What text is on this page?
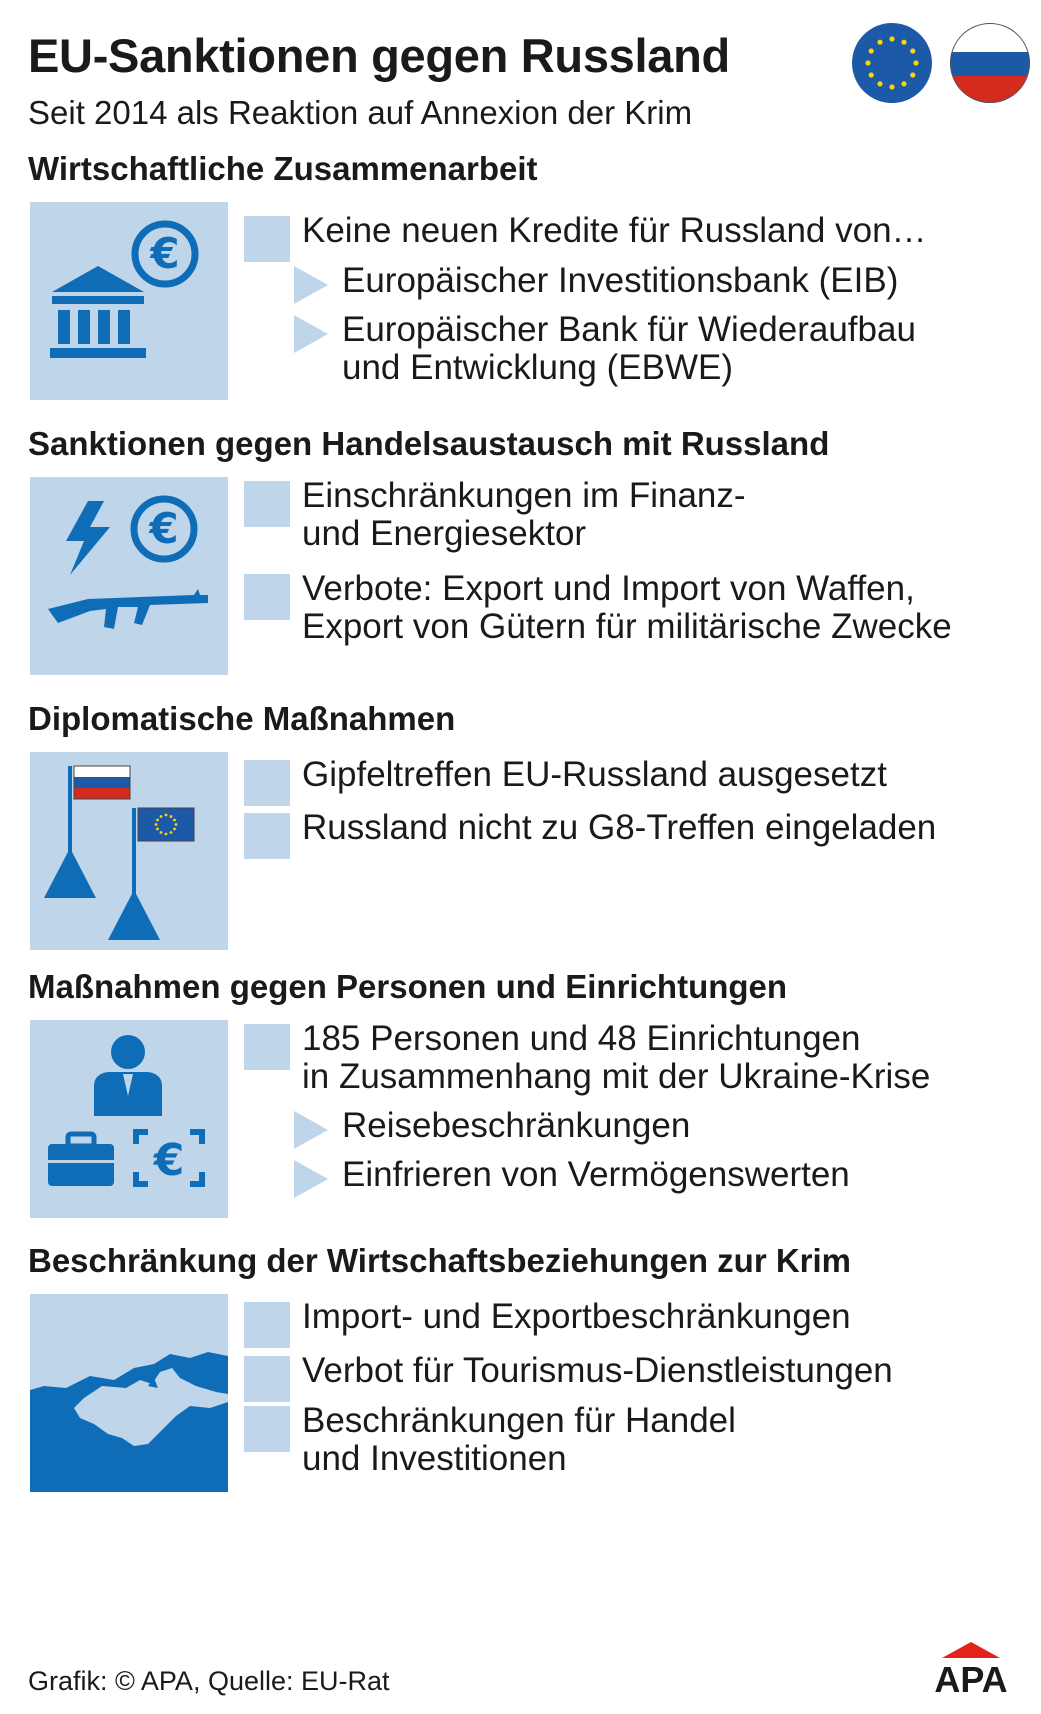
EU-Sanktionen gegen Russland
Seit 2014 als Reaktion auf Annexion der Krim
Wirtschaftliche Zusammenarbeit
€	Keine neuen Kredite für Russland von…
Europäischer Investitionsbank (EIB)
Europäischer Bank für Wiederaufbau
und Entwicklung (EBWE)
Sanktionen gegen Handelsaustausch mit Russland
€
Einschränkungen im Finanz-
und Energiesektor
Verbote: Export und Import von Waffen,
Export von Gütern für militärische Zwecke
Diplomatische Maßnahmen
Gipfeltreffen EU-Russland ausgesetzt
Russland nicht zu G8-Treffen eingeladen
Maßnahmen gegen Personen und Einrichtungen
€
185 Personen und 48 Einrichtungen
in Zusammenhang mit der Ukraine-Krise
Reisebeschränkungen
Einfrieren von Vermögenswerten
Beschränkung der Wirtschaftsbeziehungen zur Krim
Import- und Exportbeschränkungen
Verbot für Tourismus-Dienstleistungen
Beschränkungen für Handel
und Investitionen
Grafik: © APA, Quelle: EU-Rat	APA
